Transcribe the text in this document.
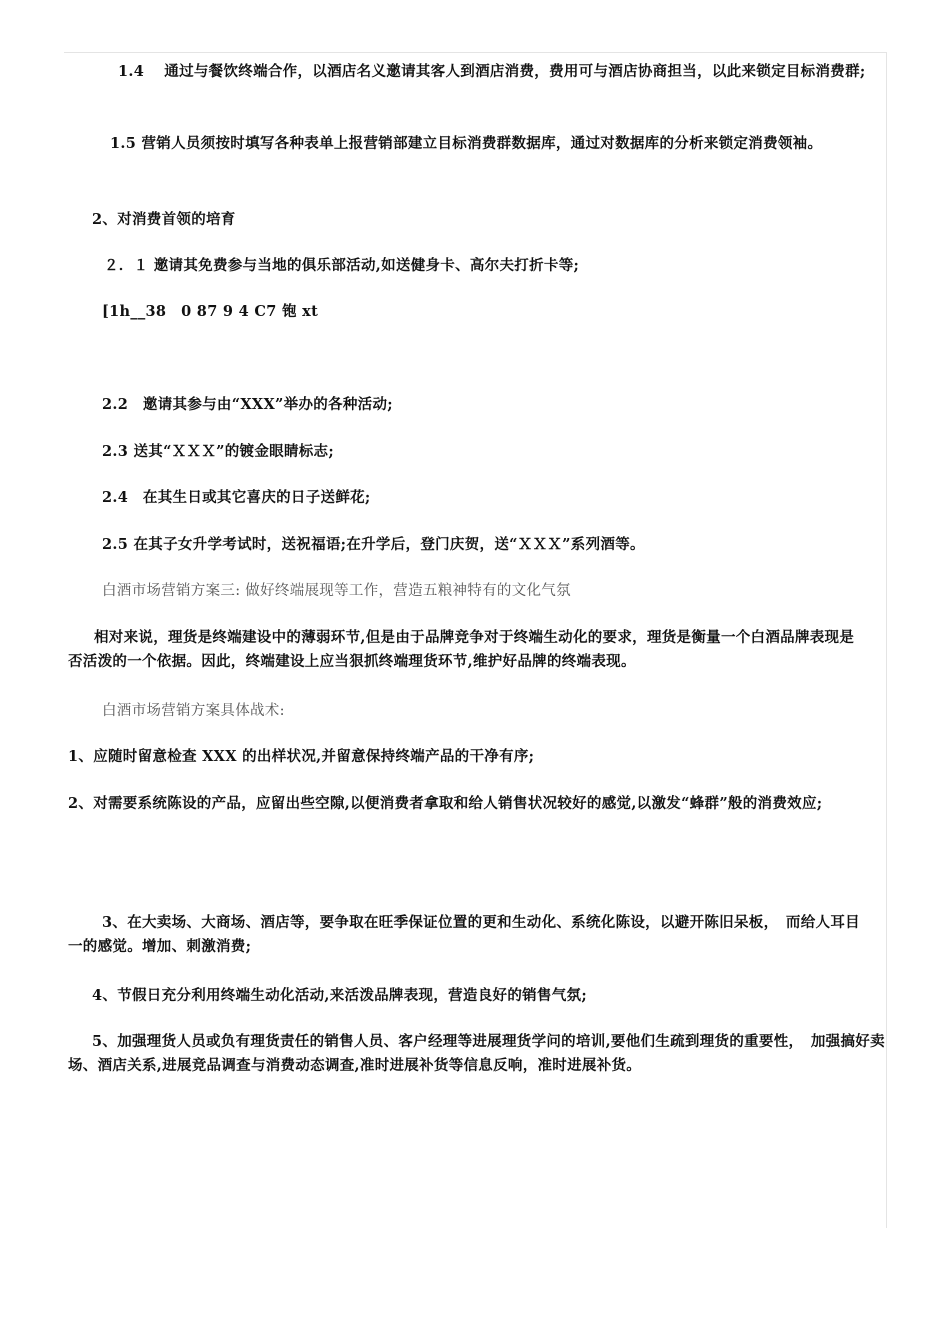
1.4　 通过与餐饮终端合作，以酒店名义邀请其客人到酒店消费，费用可与酒店协商担当，以此来锁定目标消费群;
1.5 营销人员须按时填写各种表单上报营销部建立目标消费群数据库，通过对数据库的分析来锁定消费领袖。
2、对消费首领的培育
２．１ 邀请其免费参与当地的俱乐部活动,如送健身卡、高尔夫打折卡等;
[1h__38　0 87 9 4 C7 铇 xt
2.2　邀请其参与由“XXX”举办的各种活动;
2.3 送其“ＸＸＸ”的镀金眼睛标志;
2.4　在其生日或其它喜庆的日子送鲜花;
2.5 在其子女升学考试时，送祝福语;在升学后，登门庆贺，送“ＸＸＸ”系列酒等。
白酒市场营销方案三: 做好终端展现等工作，营造五粮神特有的文化气氛
相对来说，理货是终端建设中的薄弱环节,但是由于品牌竞争对于终端生动化的要求，理货是衡量一个白酒品牌表现是否活泼的一个依据。因此，终端建设上应当狠抓终端理货环节,维护好品牌的终端表现。
白酒市场营销方案具体战术:
1、应随时留意检查 XXX 的出样状况,并留意保持终端产品的干净有序;
2、对需要系统陈设的产品，应留出些空隙,以便消费者拿取和给人销售状况较好的感觉,以激发“蜂群”般的消费效应;
3、在大卖场、大商场、酒店等，要争取在旺季保证位置的更和生动化、系统化陈设，以避开陈旧呆板，　而给人耳目一的感觉。增加、刺激消费;
4、节假日充分利用终端生动化活动,来活泼品牌表现，营造良好的销售气氛;
5、加强理货人员或负有理货责任的销售人员、客户经理等进展理货学问的培训,要他们生疏到理货的重要性，　加强搞好卖场、酒店关系,进展竞品调查与消费动态调查,准时进展补货等信息反响，准时进展补货。
